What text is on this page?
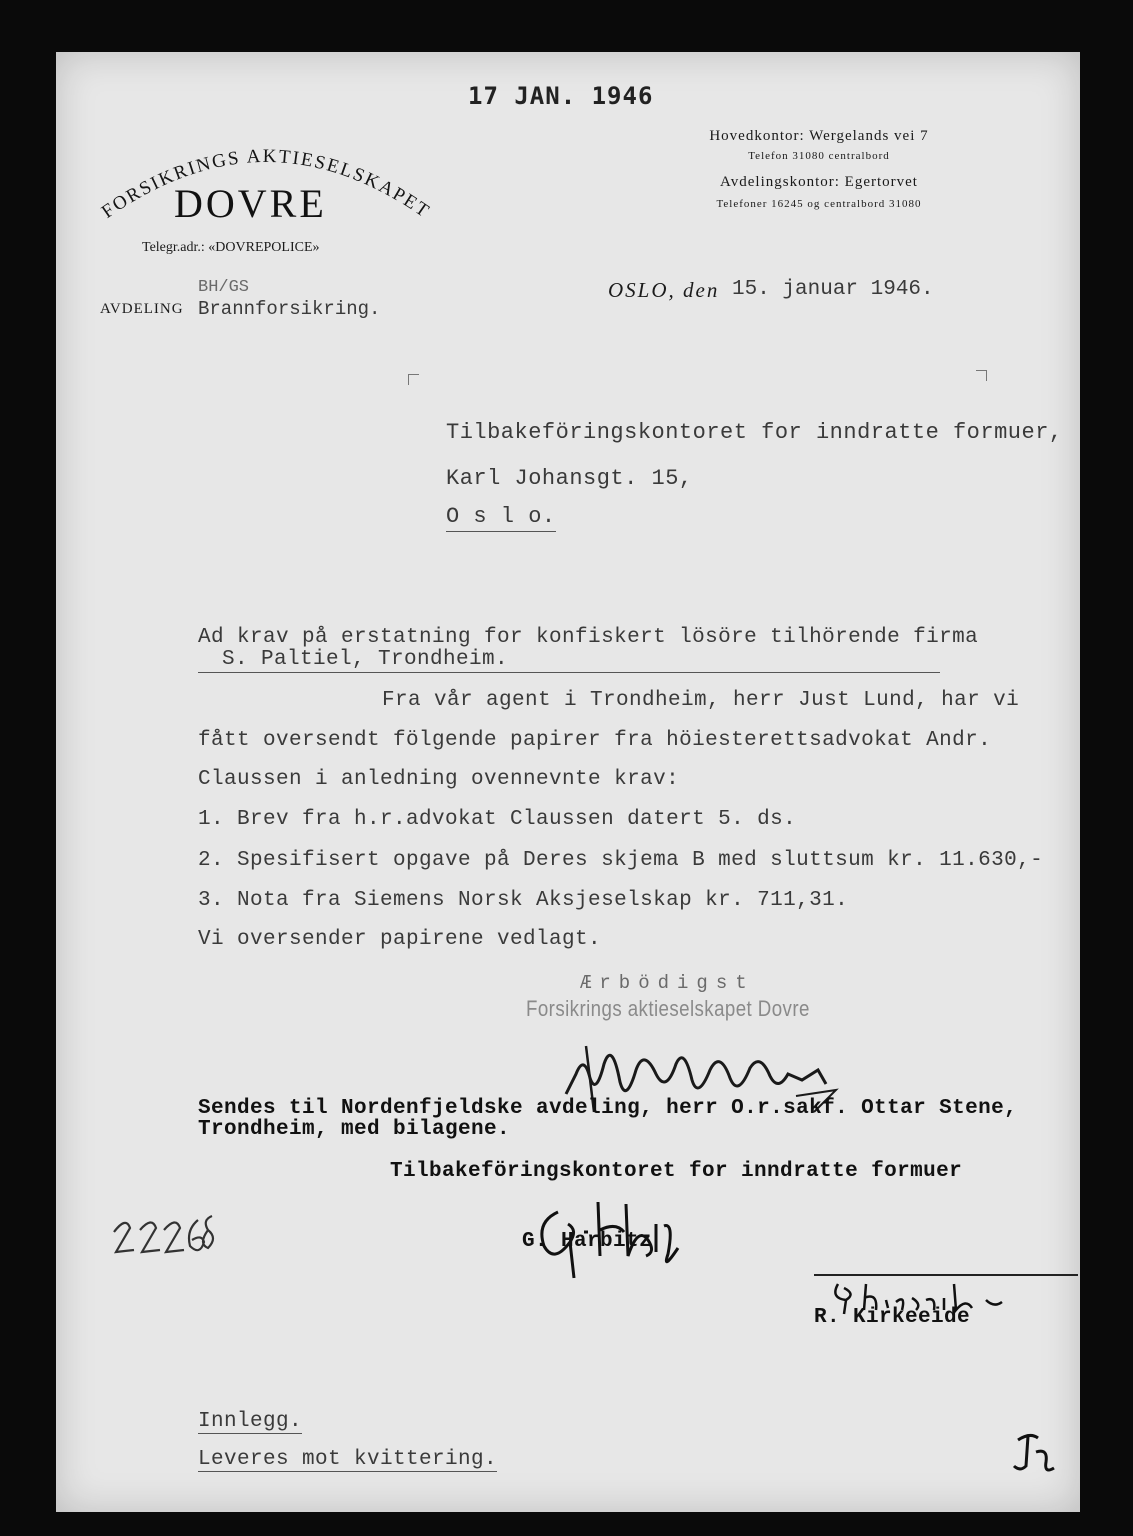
17 JAN. 1946
FORSIKRINGS AKTIESELSKAPET
DOVRE
Telegr.adr.: «DOVREPOLICE»
Hovedkontor: Wergelands vei 7
Telefon 31080 centralbord
Avdelingskontor: Egertorvet
Telefoner 16245 og centralbord 31080
BH/GS
AVDELING Brannforsikring.
OSLO, den 15. januar 1946.
Tilbakeföringskontoret for inndratte formuer,
Karl Johansgt. 15,
O s l o.
Ad krav på erstatning for konfiskert lösöre tilhörende firma
S. Paltiel, Trondheim.
Fra vår agent i Trondheim, herr Just Lund, har vi
fått oversendt fölgende papirer fra höiesterettsadvokat Andr.
Claussen i anledning ovennevnte krav:
1. Brev fra h.r.advokat Claussen datert 5. ds.
2. Spesifisert opgave på Deres skjema B med sluttsum kr. 11.630,-
3. Nota fra Siemens Norsk Aksjeselskap kr. 711,31.
Vi oversender papirene vedlagt.
Ærbödigst
Forsikrings aktieselskapet Dovre
Sendes til Nordenfjeldske avdeling, herr O.r.sakf. Ottar Stene,
Trondheim, med bilagene.
Tilbakeföringskontoret for inndratte formuer
G. Harbitz
R. Kirkeeide
Innlegg.
Leveres mot kvittering.
